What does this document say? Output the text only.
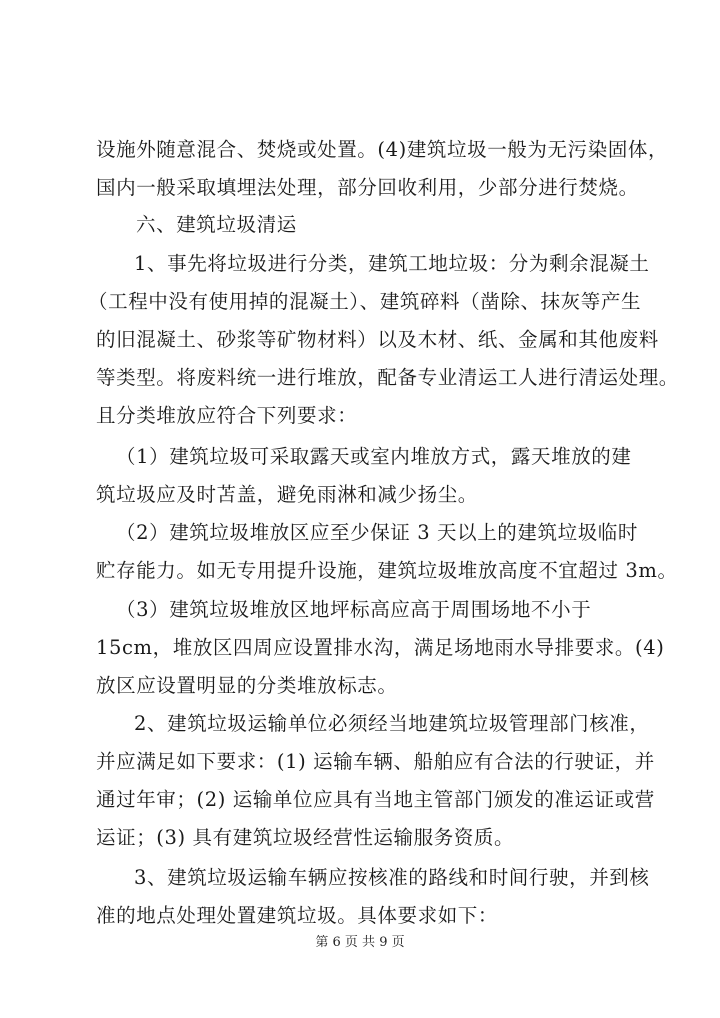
设施外随意混合、焚烧或处置。(4)建筑垃圾一般为无污染固体，
国内一般采取填埋法处理，部分回收利用，少部分进行焚烧。
六、建筑垃圾清运
1、事先将垃圾进行分类，建筑工地垃圾：分为剩余混凝土
（工程中没有使用掉的混凝土）、建筑碎料（凿除、抹灰等产生
的旧混凝土、砂浆等矿物材料）以及木材、纸、金属和其他废料
等类型。将废料统一进行堆放，配备专业清运工人进行清运处理。
且分类堆放应符合下列要求：
（1）建筑垃圾可采取露天或室内堆放方式，露天堆放的建
筑垃圾应及时苫盖，避免雨淋和减少扬尘。
（2）建筑垃圾堆放区应至少保证 3 天以上的建筑垃圾临时
贮存能力。如无专用提升设施，建筑垃圾堆放高度不宜超过 3m。
（3）建筑垃圾堆放区地坪标高应高于周围场地不小于
15cm，堆放区四周应设置排水沟，满足场地雨水导排要求。(4)
放区应设置明显的分类堆放标志。
2、建筑垃圾运输单位必须经当地建筑垃圾管理部门核准，
并应满足如下要求：(1) 运输车辆、船舶应有合法的行驶证，并
通过年审；(2) 运输单位应具有当地主管部门颁发的准运证或营
运证；(3) 具有建筑垃圾经营性运输服务资质。
3、建筑垃圾运输车辆应按核准的路线和时间行驶，并到核
准的地点处理处置建筑垃圾。具体要求如下：
第 6 页 共 9 页
